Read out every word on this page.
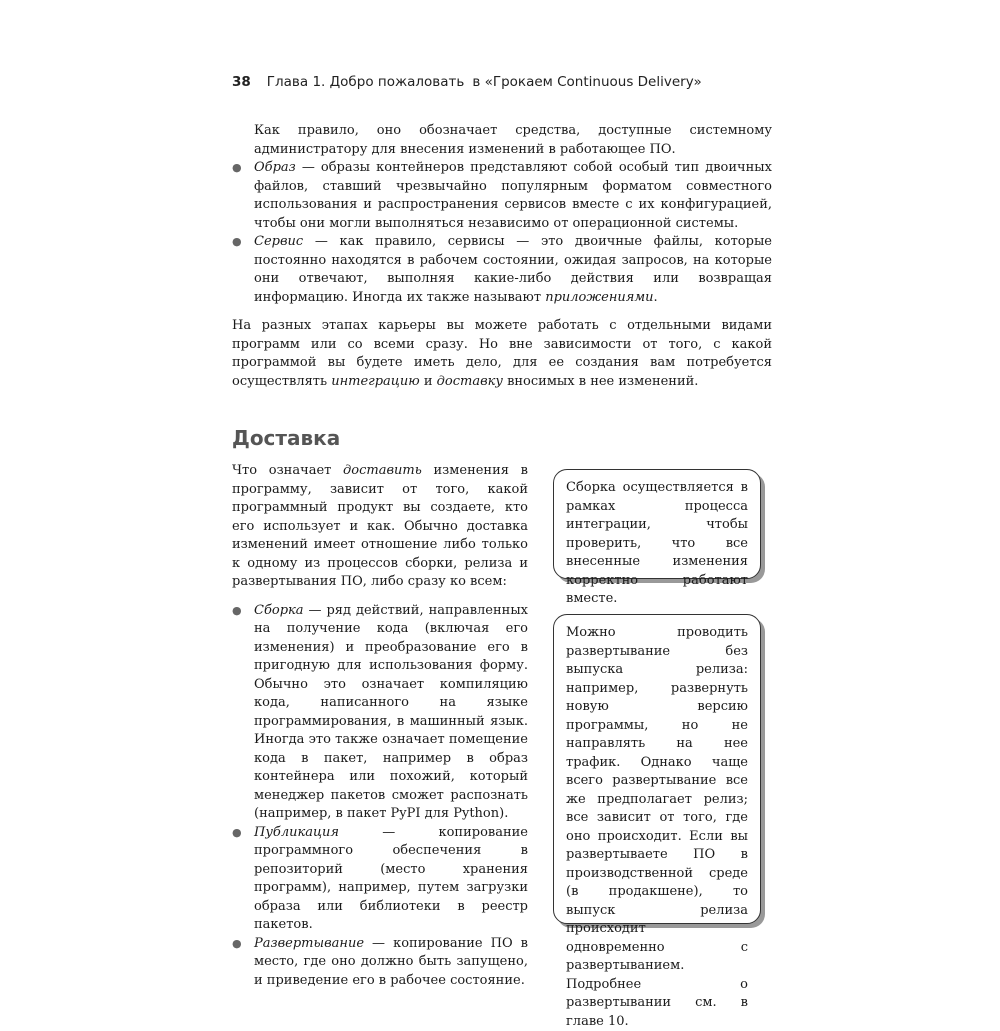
38 Глава 1. Добро пожаловать в «Грокаем Continuous Delivery»

Как правило, оно обозначает средства, доступные системному администратору для внесения изменений в работающее ПО.

● Образ — образы контейнеров представляют собой особый тип двоичных файлов, ставший чрезвычайно популярным форматом совместного использования и распространения сервисов вместе с их конфигурацией, чтобы они могли выполняться независимо от операционной системы.
● Сервис — как правило, сервисы — это двоичные файлы, которые постоянно находятся в рабочем состоянии, ожидая запросов, на которые они отвечают, выполняя какие-либо действия или возвращая информацию. Иногда их также называют приложениями.

На разных этапах карьеры вы можете работать с отдельными видами программ или со всеми сразу. Но вне зависимости от того, с какой программой вы будете иметь дело, для ее создания вам потребуется осуществлять интеграцию и доставку вносимых в нее изменений.

Доставка

Что означает доставить изменения в программу, зависит от того, какой программный продукт вы создаете, кто его использует и как. Обычно доставка изменений имеет отношение либо только к одному из процессов сборки, релиза и развертывания ПО, либо сразу ко всем:

● Сборка — ряд действий, направленных на получение кода (включая его изменения) и преобразование его в пригодную для использования форму. Обычно это означает компиляцию кода, написанного на языке программирования, в машинный язык. Иногда это также означает помещение кода в пакет, например в образ контейнера или похожий, который менеджер пакетов сможет распознать (например, в пакет PyPI для Python).
● Публикация — копирование программного обеспечения в репозиторий (место хранения программ), например, путем загрузки образа или библиотеки в реестр пакетов.
● Развертывание — копирование ПО в место, где оно должно быть запущено, и приведение его в рабочее состояние.
Сборка осуществляется в рамках процесса интеграции, чтобы проверить, что все внесенные изменения корректно работают вместе.
Можно проводить развертывание без выпуска релиза: например, развернуть новую версию программы, но не направлять на нее трафик. Однако чаще всего развертывание все же предполагает релиз; все зависит от того, где оно происходит. Если вы развертываете ПО в производственной среде (в продакшене), то выпуск релиза происходит одновременно с развертыванием. Подробнее о развертывании см. в главе 10.
